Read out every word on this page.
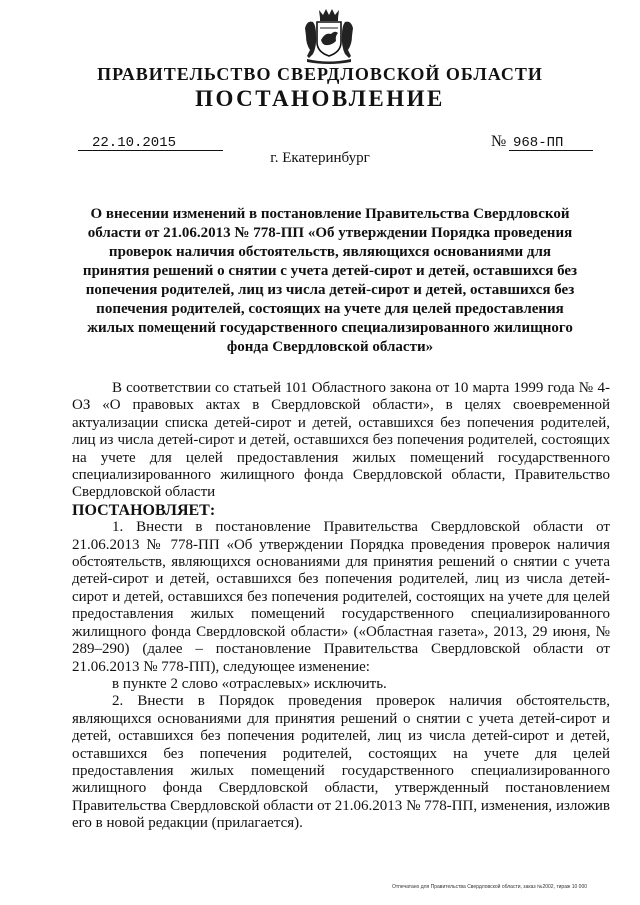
ПРАВИТЕЛЬСТВО СВЕРДЛОВСКОЙ ОБЛАСТИ
ПОСТАНОВЛЕНИЕ
22.10.2015	№ 968-ПП
г. Екатеринбург
О внесении изменений в постановление Правительства Свердловской области от 21.06.2013 № 778-ПП «Об утверждении Порядка проведения проверок наличия обстоятельств, являющихся основаниями для принятия решений о снятии с учета детей-сирот и детей, оставшихся без попечения родителей, лиц из числа детей-сирот и детей, оставшихся без попечения родителей, состоящих на учете для целей предоставления жилых помещений государственного специализированного жилищного фонда Свердловской области»

В соответствии со статьей 101 Областного закона от 10 марта 1999 года № 4-ОЗ «О правовых актах в Свердловской области», в целях своевременной актуализации списка детей-сирот и детей, оставшихся без попечения родителей, лиц из числа детей-сирот и детей, оставшихся без попечения родителей, состоящих на учете для целей предоставления жилых помещений государственного специализированного жилищного фонда Свердловской области, Правительство Свердловской области

ПОСТАНОВЛЯЕТ:

1. Внести в постановление Правительства Свердловской области от 21.06.2013 № 778-ПП «Об утверждении Порядка проведения проверок наличия обстоятельств, являющихся основаниями для принятия решений о снятии с учета детей-сирот и детей, оставшихся без попечения родителей, лиц из числа детей-сирот и детей, оставшихся без попечения родителей, состоящих на учете для целей предоставления жилых помещений государственного специализированного жилищного фонда Свердловской области» («Областная газета», 2013, 29 июня, № 289–290) (далее – постановление Правительства Свердловской области от 21.06.2013 № 778-ПП), следующее изменение:

в пункте 2 слово «отраслевых» исключить.

2. Внести в Порядок проведения проверок наличия обстоятельств, являющихся основаниями для принятия решений о снятии с учета детей-сирот и детей, оставшихся без попечения родителей, лиц из числа детей-сирот и детей, оставшихся без попечения родителей, состоящих на учете для целей предоставления жилых помещений государственного специализированного жилищного фонда Свердловской области, утвержденный постановлением Правительства Свердловской области от 21.06.2013 № 778-ПП, изменения, изложив его в новой редакции (прилагается).

Отпечатано для Правительства Свердловской области, заказ №2002, тираж 10 000
